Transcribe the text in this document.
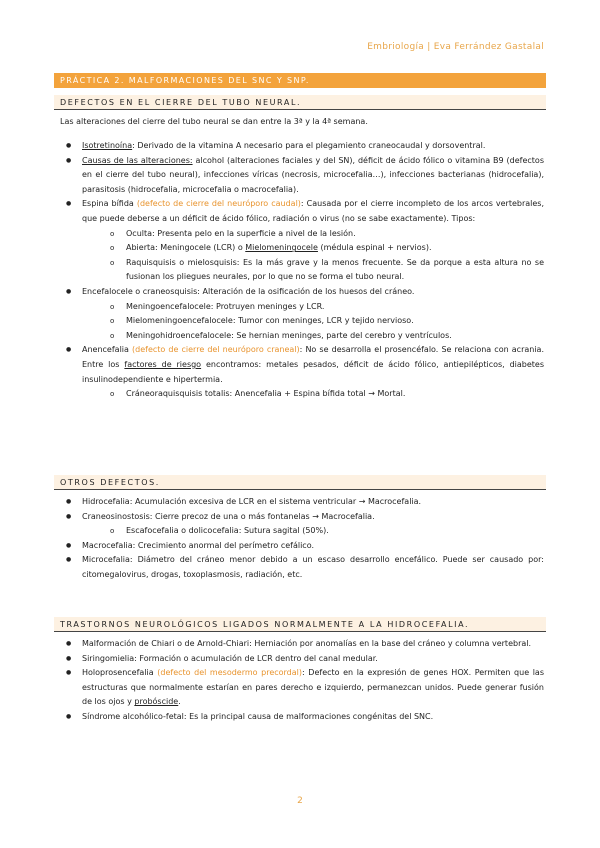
Embriología | Eva Ferrández Gastalal
PRÁCTICA 2. MALFORMACIONES DEL SNC Y SNP.
DEFECTOS EN EL CIERRE DEL TUBO NEURAL.
Las alteraciones del cierre del tubo neural se dan entre la 3ª y la 4ª semana.
● Isotretinoína: Derivado de la vitamina A necesario para el plegamiento craneocaudal y dorsoventral.
● Causas de las alteraciones: alcohol (alteraciones faciales y del SN), déficit de ácido fólico o vitamina B9 (defectos en el cierre del tubo neural), infecciones víricas (necrosis, microcefalia…), infecciones bacterianas (hidrocefalia), parasitosis (hidrocefalia, microcefalia o macrocefalia).
● Espina bífida (defecto de cierre del neuróporo caudal): Causada por el cierre incompleto de los arcos vertebrales, que puede deberse a un déficit de ácido fólico, radiación o virus (no se sabe exactamente). Tipos:
o Oculta: Presenta pelo en la superficie a nivel de la lesión.
o Abierta: Meningocele (LCR) o Mielomeningocele (médula espinal + nervios).
o Raquisquisis o mielosquisis: Es la más grave y la menos frecuente. Se da porque a esta altura no se fusionan los pliegues neurales, por lo que no se forma el tubo neural.
● Encefalocele o craneosquisis: Alteración de la osificación de los huesos del cráneo.
o Meningoencefalocele: Protruyen meninges y LCR.
o Mielomeningoencefalocele: Tumor con meninges, LCR y tejido nervioso.
o Meningohidroencefalocele: Se hernian meninges, parte del cerebro y ventrículos.
● Anencefalia (defecto de cierre del neuróporo craneal): No se desarrolla el prosencéfalo. Se relaciona con acrania. Entre los factores de riesgo encontramos: metales pesados, déficit de ácido fólico, antiepilépticos, diabetes insulinodependiente e hipertermia.
o Cráneoraquisquisis totalis: Anencefalia + Espina bífida total → Mortal.
OTROS DEFECTOS.
● Hidrocefalia: Acumulación excesiva de LCR en el sistema ventricular → Macrocefalia.
● Craneosinostosis: Cierre precoz de una o más fontanelas → Macrocefalia.
o Escafocefalia o dolicocefalia: Sutura sagital (50%).
● Macrocefalia: Crecimiento anormal del perímetro cefálico.
● Microcefalia: Diámetro del cráneo menor debido a un escaso desarrollo encefálico. Puede ser causado por: citomegalovirus, drogas, toxoplasmosis, radiación, etc.
TRASTORNOS NEUROLÓGICOS LIGADOS NORMALMENTE A LA HIDROCEFALIA.
● Malformación de Chiari o de Arnold-Chiari: Herniación por anomalías en la base del cráneo y columna vertebral.
● Siringomielia: Formación o acumulación de LCR dentro del canal medular.
● Holoprosencefalia (defecto del mesodermo precordal): Defecto en la expresión de genes HOX. Permiten que las estructuras que normalmente estarían en pares derecho e izquierdo, permanezcan unidos. Puede generar fusión de los ojos y probóscide.
● Síndrome alcohólico-fetal: Es la principal causa de malformaciones congénitas del SNC.
2
